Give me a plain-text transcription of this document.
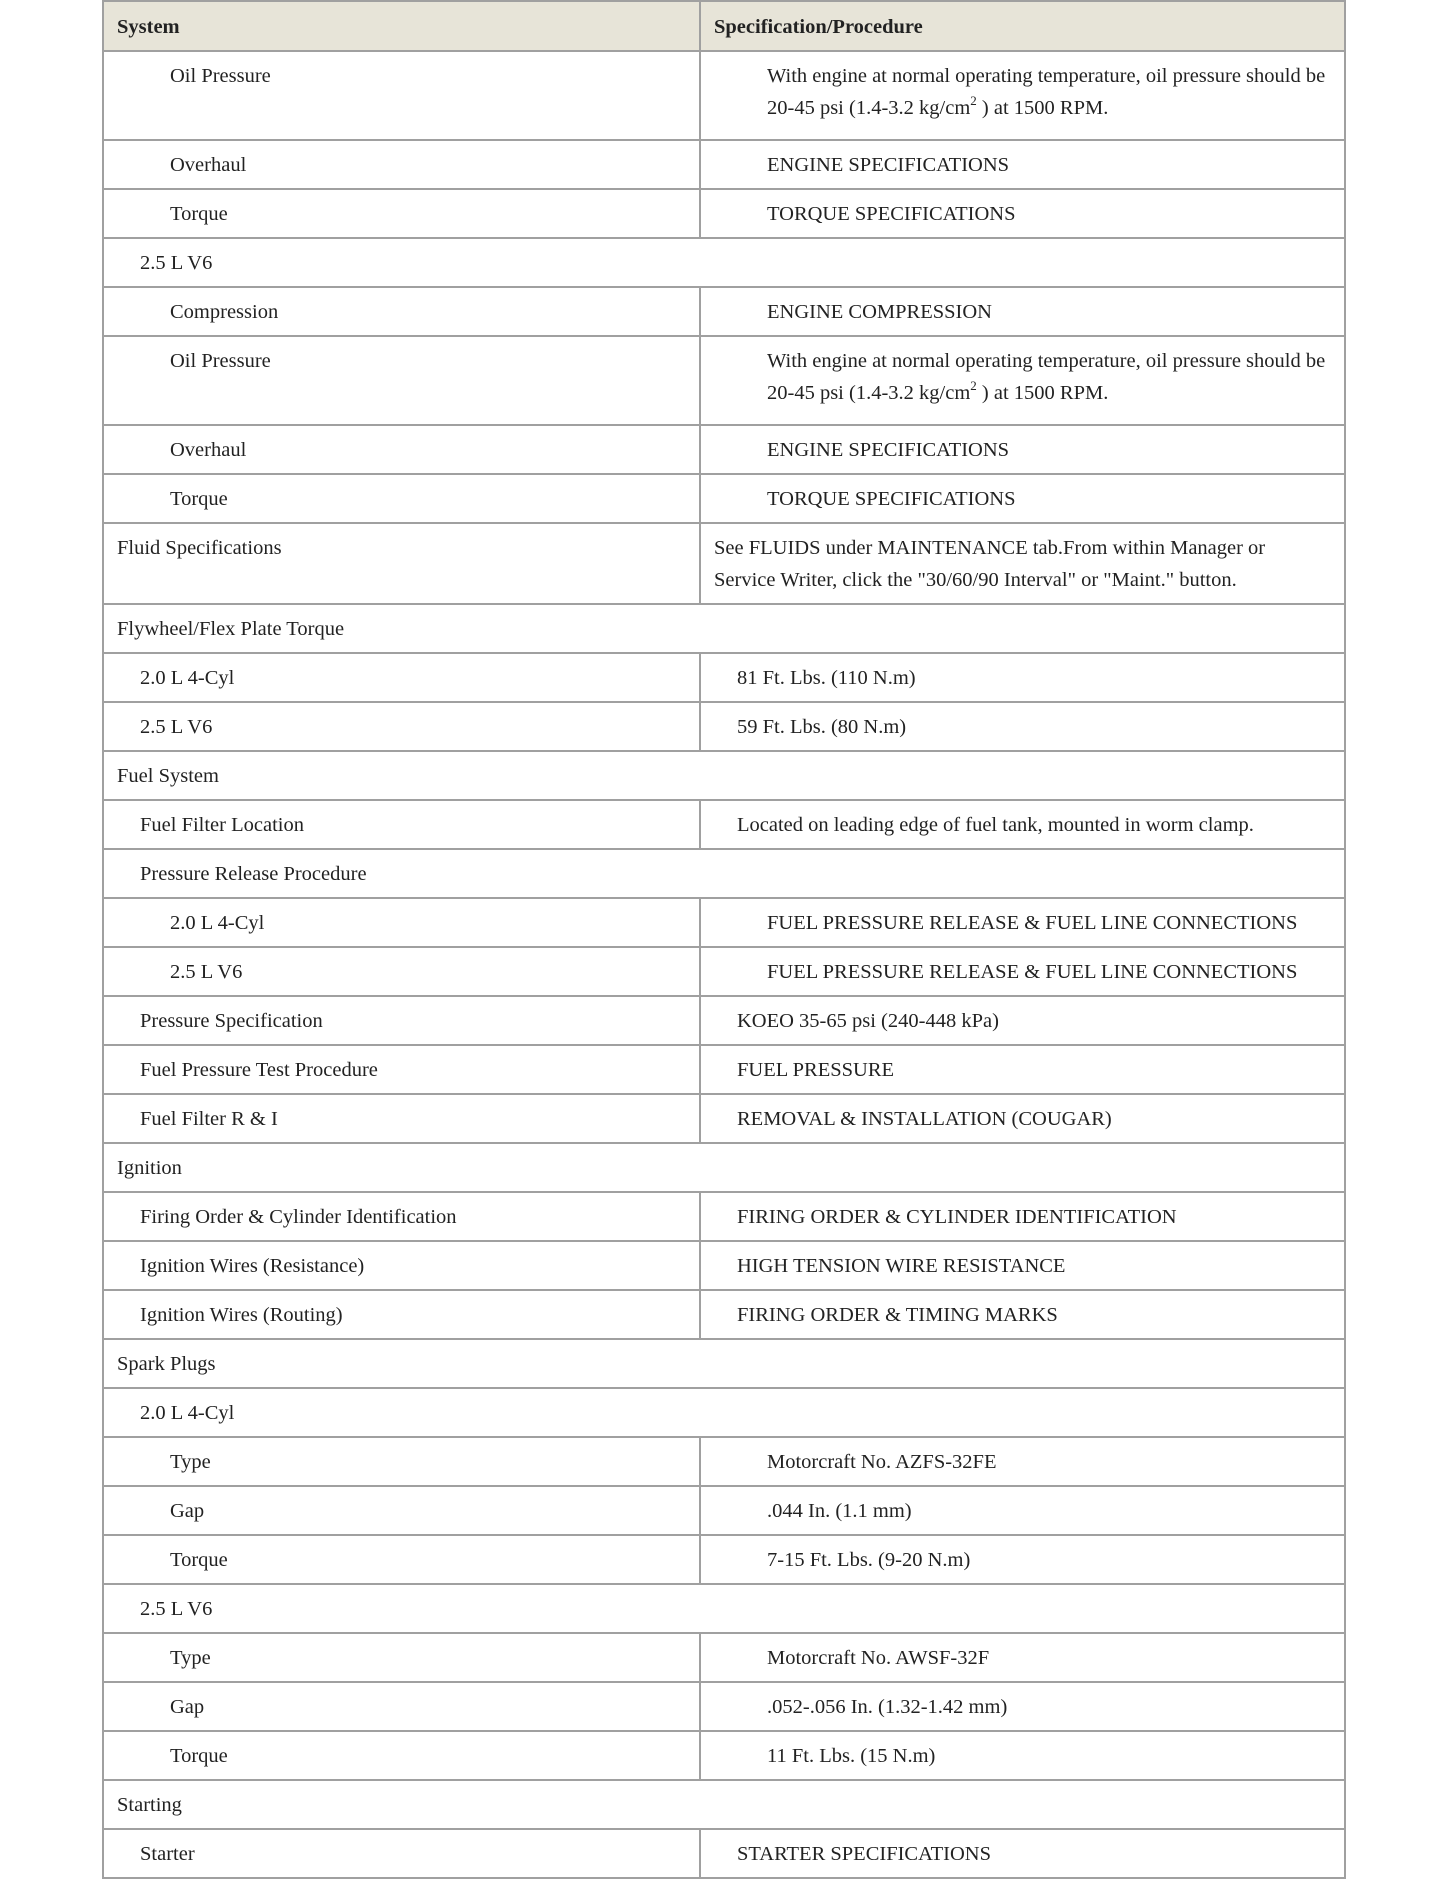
System	Specification/Procedure
Oil Pressure	With engine at normal operating temperature, oil pressure should be 20-45 psi (1.4-3.2 $kg/cm^2$ ) at 1500 RPM.
Overhaul	ENGINE SPECIFICATIONS
Torque	TORQUE SPECIFICATIONS
2.5 L V6	
Compression	ENGINE COMPRESSION
Oil Pressure	With engine at normal operating temperature, oil pressure should be 20-45 psi (1.4-3.2 $kg/cm^2$ ) at 1500 RPM.
Overhaul	ENGINE SPECIFICATIONS
Torque	TORQUE SPECIFICATIONS
Fluid Specifications	See FLUIDS under MAINTENANCE tab.From within Manager or Service Writer, click the "30/60/90 Interval" or "Maint." button.
Flywheel/Flex Plate Torque	
2.0 L 4-Cyl	81 Ft. Lbs. (110 N.m)
2.5 L V6	59 Ft. Lbs. (80 N.m)
Fuel System	
Fuel Filter Location	Located on leading edge of fuel tank, mounted in worm clamp.
Pressure Release Procedure	
2.0 L 4-Cyl	FUEL PRESSURE RELEASE & FUEL LINE CONNECTIONS
2.5 L V6	FUEL PRESSURE RELEASE & FUEL LINE CONNECTIONS
Pressure Specification	KOEO 35-65 psi (240-448 kPa)
Fuel Pressure Test Procedure	FUEL PRESSURE
Fuel Filter R & I	REMOVAL & INSTALLATION (COUGAR)
Ignition	
Firing Order & Cylinder Identification	FIRING ORDER & CYLINDER IDENTIFICATION
Ignition Wires (Resistance)	HIGH TENSION WIRE RESISTANCE
Ignition Wires (Routing)	FIRING ORDER & TIMING MARKS
Spark Plugs	
2.0 L 4-Cyl	
Type	Motorcraft No. AZFS-32FE
Gap	.044 In. (1.1 mm)
Torque	7-15 Ft. Lbs. (9-20 N.m)
2.5 L V6	
Type	Motorcraft No. AWSF-32F
Gap	.052-.056 In. (1.32-1.42 mm)
Torque	11 Ft. Lbs. (15 N.m)
Starting	
Starter	STARTER SPECIFICATIONS
